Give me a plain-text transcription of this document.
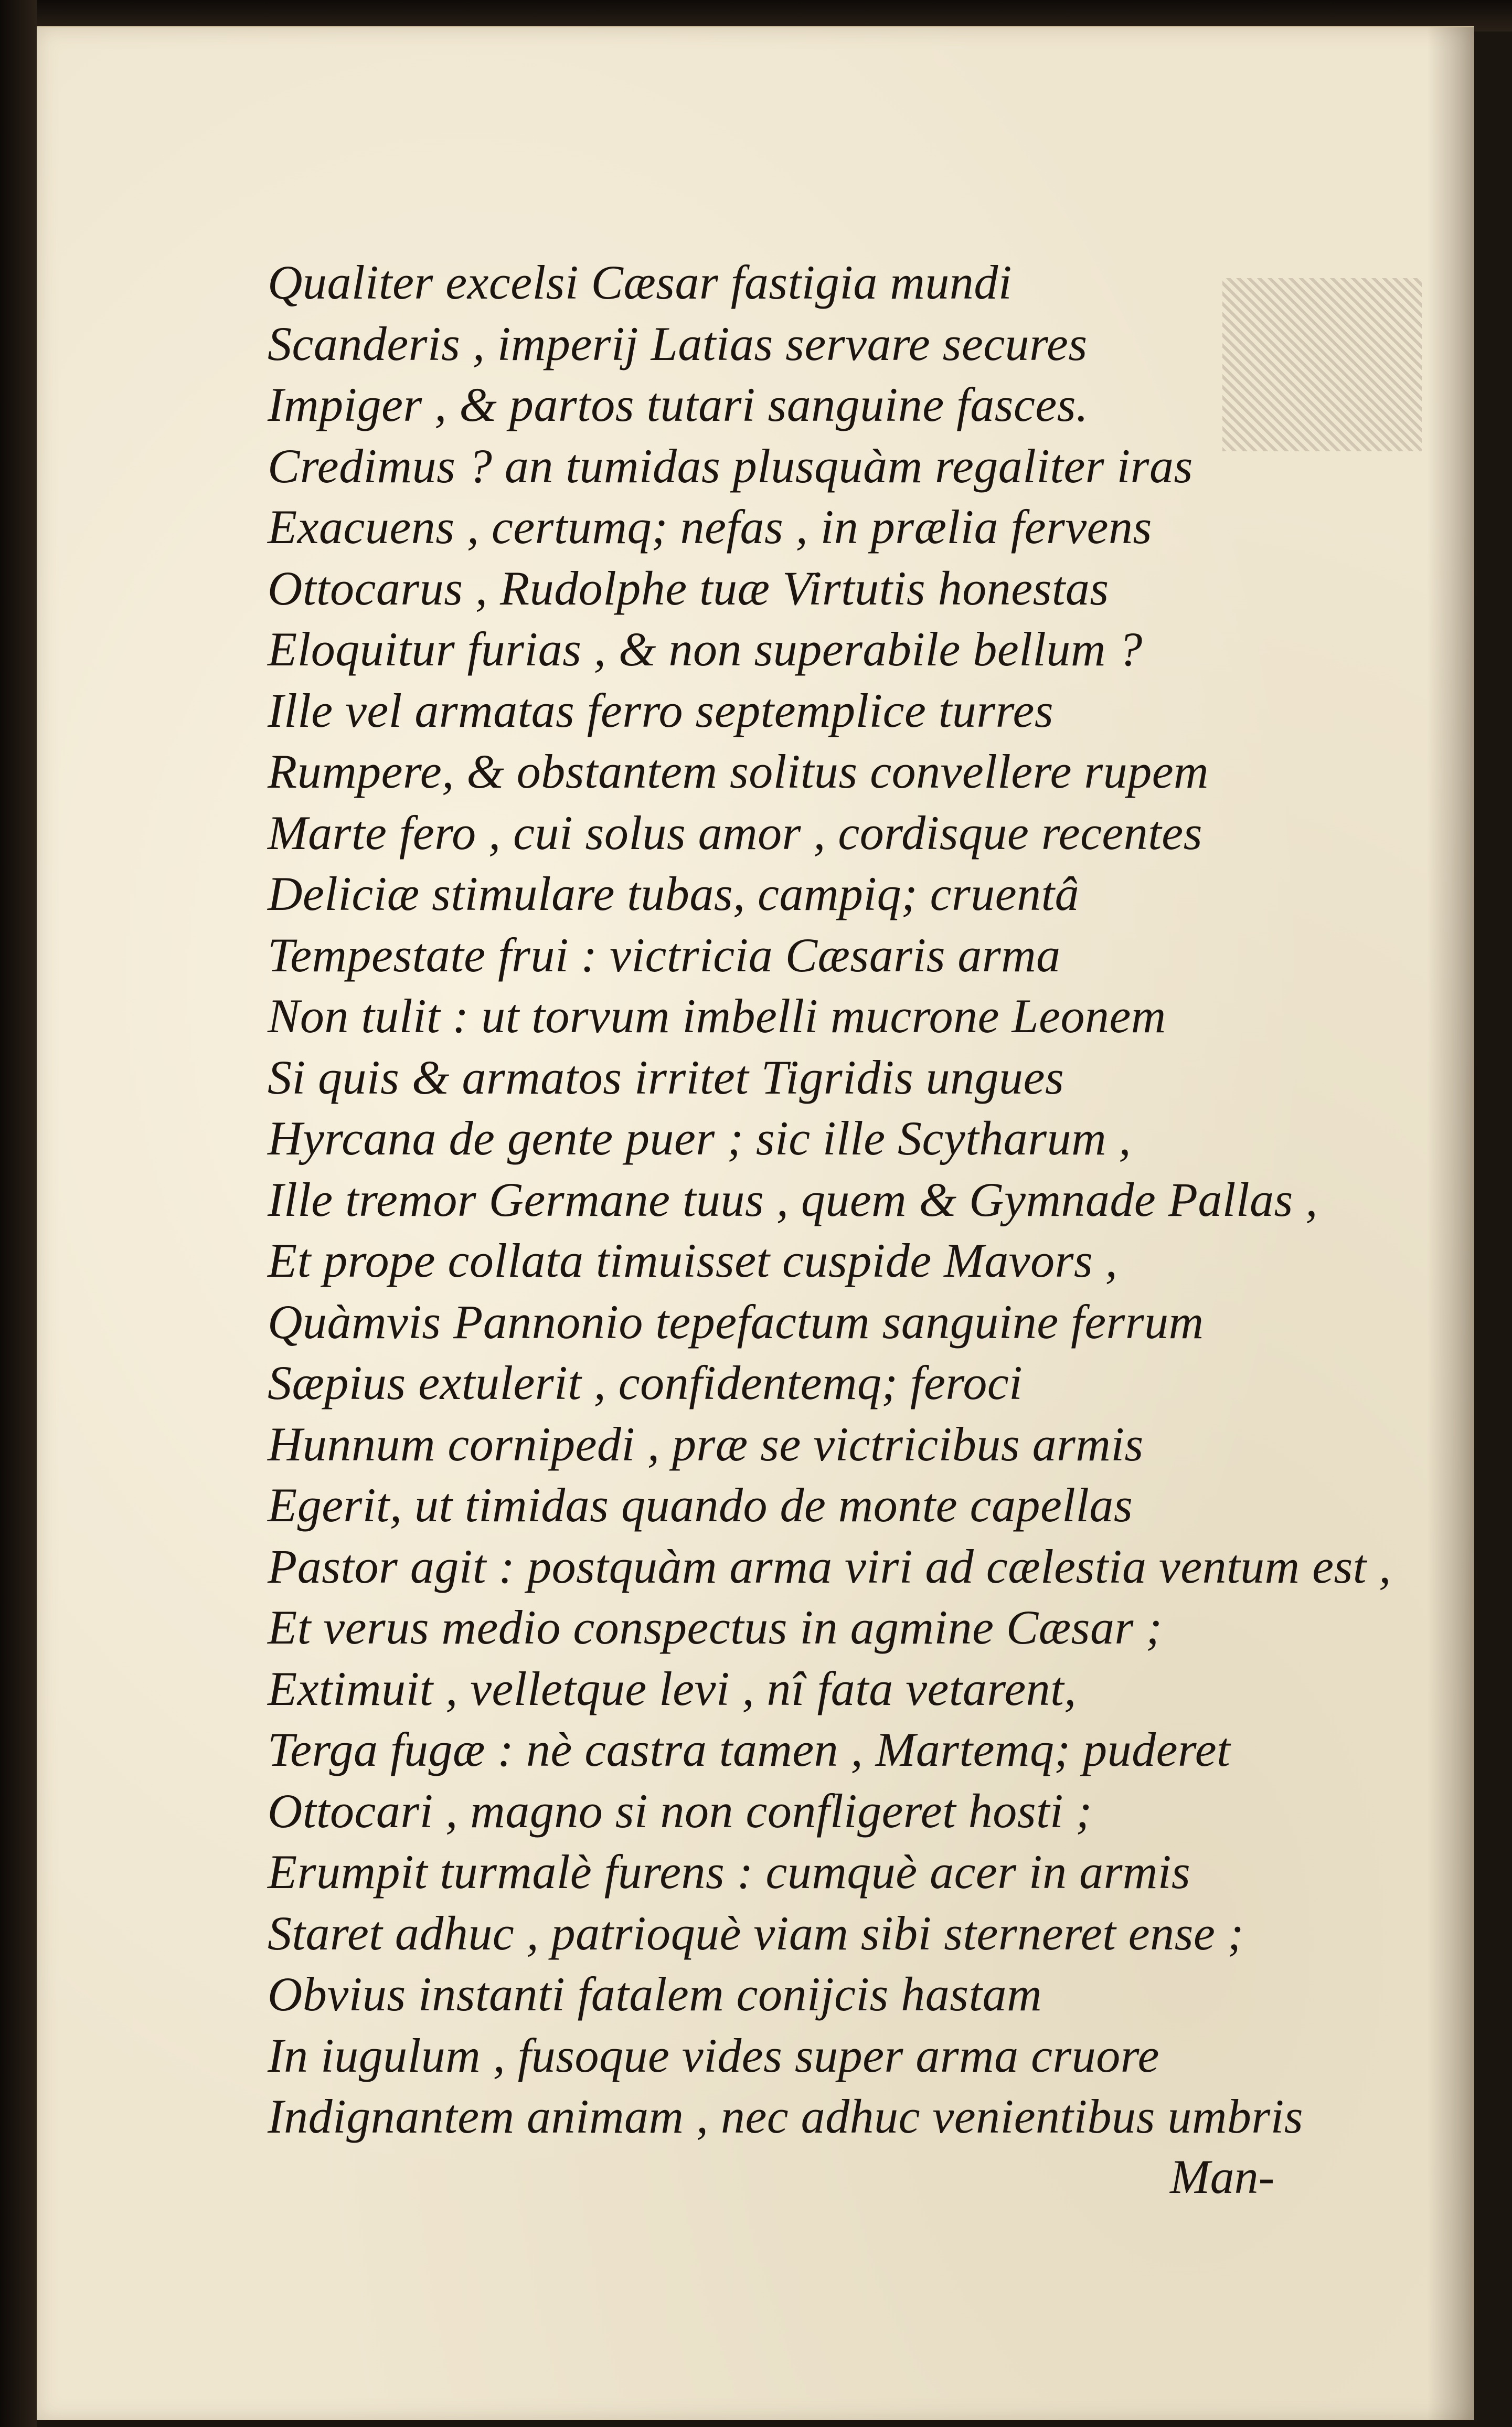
Qualiter excelsi Cæsar fastigia mundi
Scanderis , imperij Latias servare secures
Impiger , & partos tutari sanguine fasces.
Credimus ? an tumidas plusquàm regaliter iras
Exacuens , certumq; nefas , in prælia fervens
Ottocarus , Rudolphe tuæ Virtutis honestas
Eloquitur furias , & non superabile bellum ?
Ille vel armatas ferro septemplice turres
Rumpere, & obstantem solitus convellere rupem
Marte fero , cui solus amor , cordisque recentes
Deliciæ stimulare tubas, campiq; cruentâ
Tempestate frui : victricia Cæsaris arma
Non tulit : ut torvum imbelli mucrone Leonem
Si quis & armatos irritet Tigridis ungues
Hyrcana de gente puer ; sic ille Scytharum ,
Ille tremor Germane tuus , quem & Gymnade Pallas ,
Et prope collata timuisset cuspide Mavors ,
Quàmvis Pannonio tepefactum sanguine ferrum
Sæpius extulerit , confidentemq; feroci
Hunnum cornipedi , præ se victricibus armis
Egerit, ut timidas quando de monte capellas
Pastor agit : postquàm arma viri ad cælestia ventum est ,
Et verus medio conspectus in agmine Cæsar ;
Extimuit , velletque levi , nî fata vetarent,
Terga fugæ : nè castra tamen , Martemq; puderet
Ottocari , magno si non confligeret hosti ;
Erumpit turmalè furens : cumquè acer in armis
Staret adhuc , patrioquè viam sibi sterneret ense ;
Obvius instanti fatalem conijcis hastam
In iugulum , fusoque vides super arma cruore
Indignantem animam , nec adhuc venientibus umbris
Man-
